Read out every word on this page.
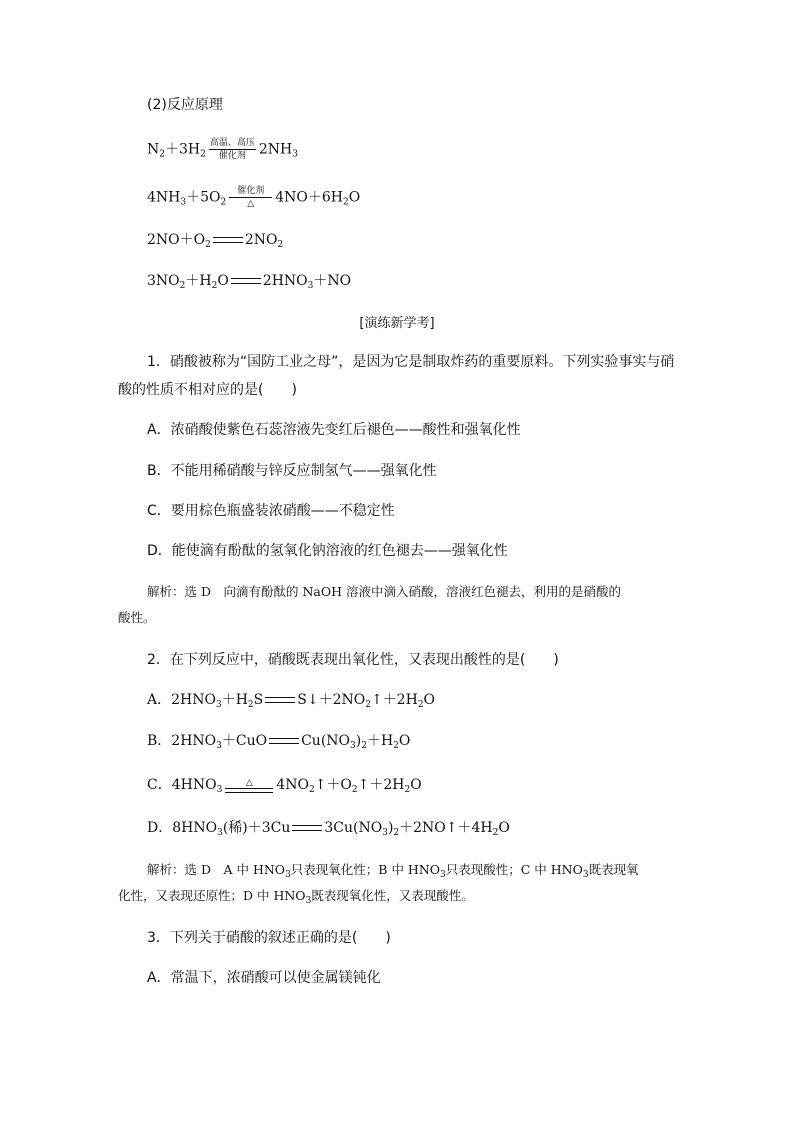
(2)反应原理
$N_2+3H_2$
高温、高压
催化剂 $2NH_3$
$4NH_3+5O_2$
催化剂
△	$4NO+6H_2O$
$2NO+O_2$ $2NO_2$
$3NO_2+H_2O$ $2HNO_3+NO$
[演练新学考]
1．硝酸被称为“国防工业之母”，是因为它是制取炸药的重要原料。下列实验事实与硝
酸的性质不相对应的是(　　)
A．浓硝酸使紫色石蕊溶液先变红后褪色——酸性和强氧化性
B．不能用稀硝酸与锌反应制氢气——强氧化性
C．要用棕色瓶盛装浓硝酸——不稳定性
D．能使滴有酚酞的氢氧化钠溶液的红色褪去——强氧化性
解析：选 D　向滴有酚酞的 NaOH 溶液中滴入硝酸，溶液红色褪去，利用的是硝酸的
酸性。
2．在下列反应中，硝酸既表现出氧化性，又表现出酸性的是(　　)
A．$2HNO_3+H_2S$ $S↓+2NO_2↑+2H_2O$
B．$2HNO_3+CuO$ $Cu(NO_3)_2+H_2O$
C．$4HNO_3$
△	$4NO_2↑+O_2↑+2H_2O$
D．$8HNO_3$(稀)＋3Cu $3Cu(NO_3)_2+2NO↑+4H_2O$
解析：选 D　A 中 $HNO_3$只表现氧化性；B 中 $HNO_3$只表现酸性；C 中 $HNO_3$既表现氧
化性，又表现还原性；D 中 $HNO_3$既表现氧化性，又表现酸性。
3．下列关于硝酸的叙述正确的是(　　)
A．常温下，浓硝酸可以使金属镁钝化
